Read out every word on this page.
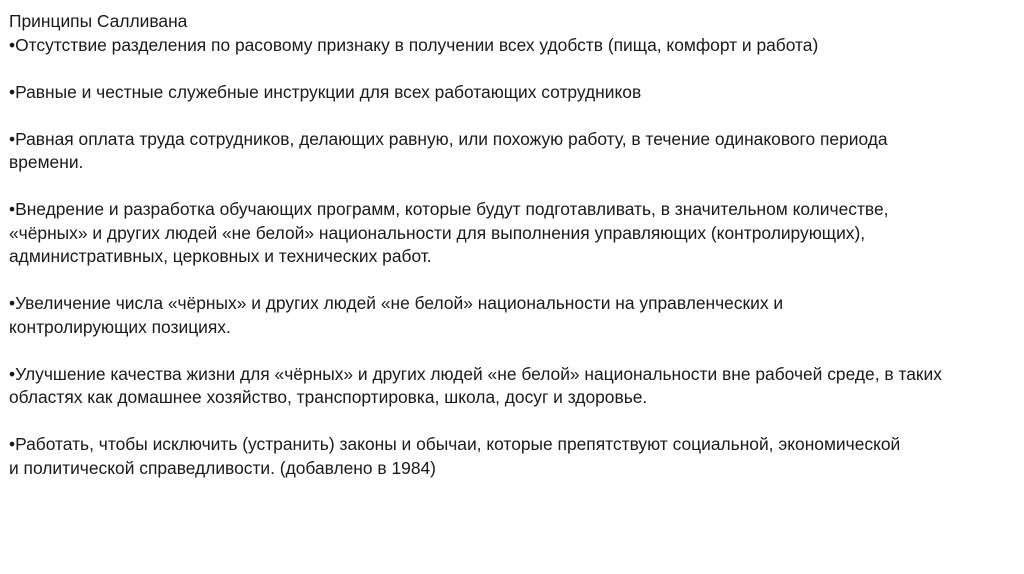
Принципы Салливана

•Отсутствие разделения по расовому признаку в получении всех удобств (пища, комфорт и работа)
•Равные и честные служебные инструкции для всех работающих сотрудников
•Равная оплата труда сотрудников, делающих равную, или похожую работу, в течение одинакового периода времени.
•Внедрение и разработка обучающих программ, которые будут подготавливать, в значительном количестве, «чёрных» и других людей «не белой» национальности для выполнения управляющих (контролирующих), административных, церковных и технических работ.
•Увеличение числа «чёрных» и других людей «не белой» национальности на управленческих и контролирующих позициях.
•Улучшение качества жизни для «чёрных» и других людей «не белой» национальности вне рабочей среде, в таких областях как домашнее хозяйство, транспортировка, школа, досуг и здоровье.
•Работать, чтобы исключить (устранить) законы и обычаи, которые препятствуют социальной, экономической и политической справедливости. (добавлено в 1984)
